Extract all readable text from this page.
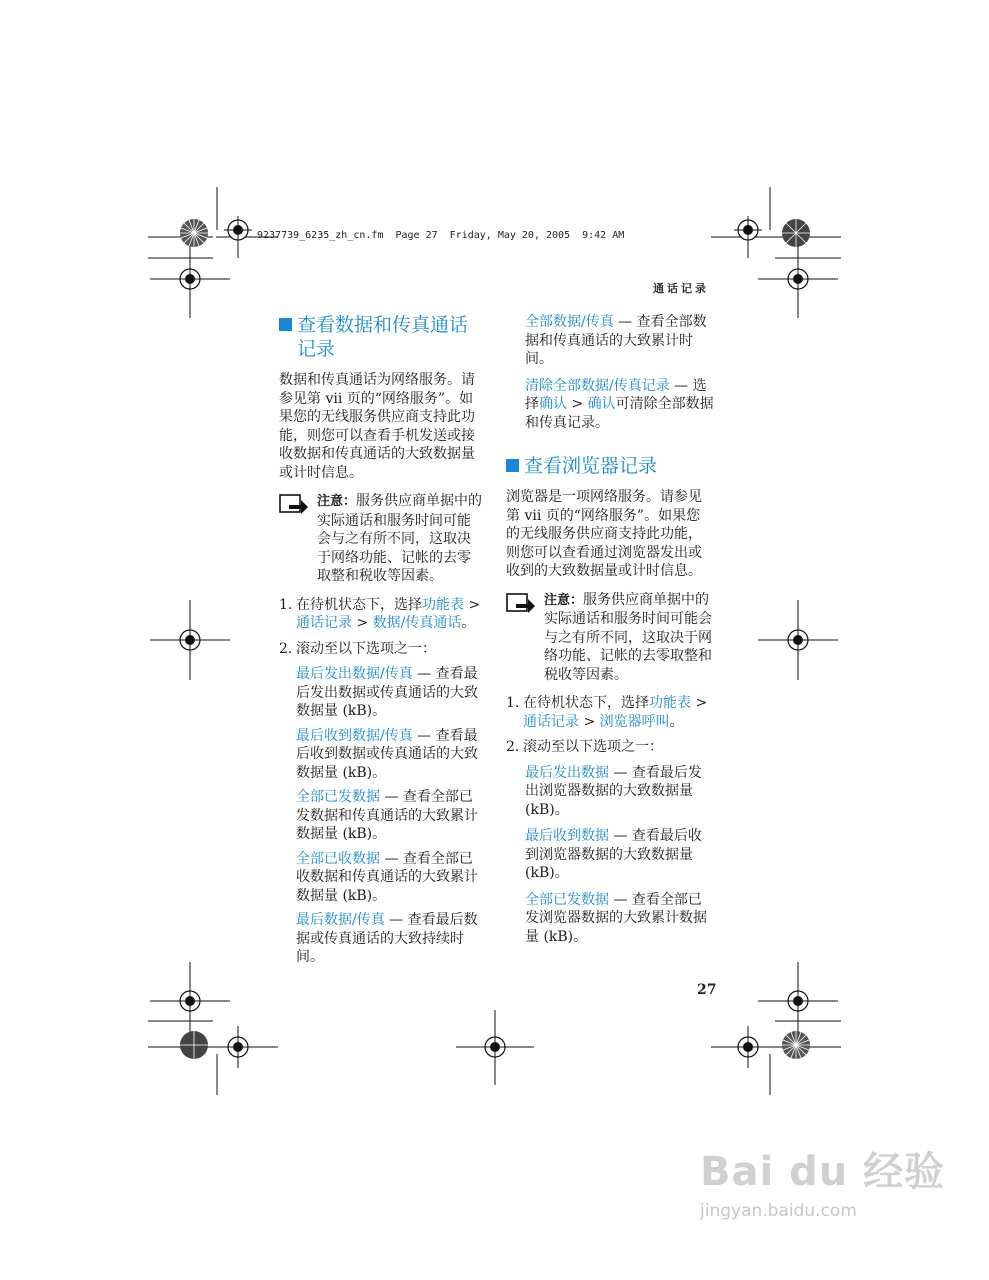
9237739_6235_zh_cn.fm  Page 27  Friday, May 20, 2005  9:42 AM
通话记录
查看数据和传真通话记录

数据和传真通话为网络服务。请参见第 vii 页的“网络服务”。如果您的无线服务供应商支持此功能，则您可以查看手机发送或接收数据和传真通话的大致数据量或计时信息。

注意：服务供应商单据中的实际通话和服务时间可能会与之有所不同，这取决于网络功能、记帐的去零取整和税收等因素。
1. 在待机状态下，选择功能表 > 通话记录 > 数据/传真通话。
2. 滚动至以下选项之一：
最后发出数据/传真 — 查看最后发出数据或传真通话的大致数据量 (kB)。
最后收到数据/传真 — 查看最后收到数据或传真通话的大致数据量 (kB)。
全部已发数据 — 查看全部已发数据和传真通话的大致累计数据量 (kB)。
全部已收数据 — 查看全部已收数据和传真通话的大致累计数据量 (kB)。
最后数据/传真 — 查看最后数据或传真通话的大致持续时间。
全部数据/传真 — 查看全部数据和传真通话的大致累计时间。
清除全部数据/传真记录 — 选择确认 > 确认可清除全部数据和传真记录。
查看浏览器记录

浏览器是一项网络服务。请参见第 vii 页的“网络服务”。如果您的无线服务供应商支持此功能，则您可以查看通过浏览器发出或收到的大致数据量或计时信息。

注意：服务供应商单据中的实际通话和服务时间可能会与之有所不同，这取决于网络功能、记帐的去零取整和税收等因素。
1. 在待机状态下，选择功能表 > 通话记录 > 浏览器呼叫。
2. 滚动至以下选项之一：
最后发出数据 — 查看最后发出浏览器数据的大致数据量 (kB)。
最后收到数据 — 查看最后收到浏览器数据的大致数据量 (kB)。
全部已发数据 — 查看全部已发浏览器数据的大致累计数据量 (kB)。
27
Bai du 经验
jingyan.baidu.com
